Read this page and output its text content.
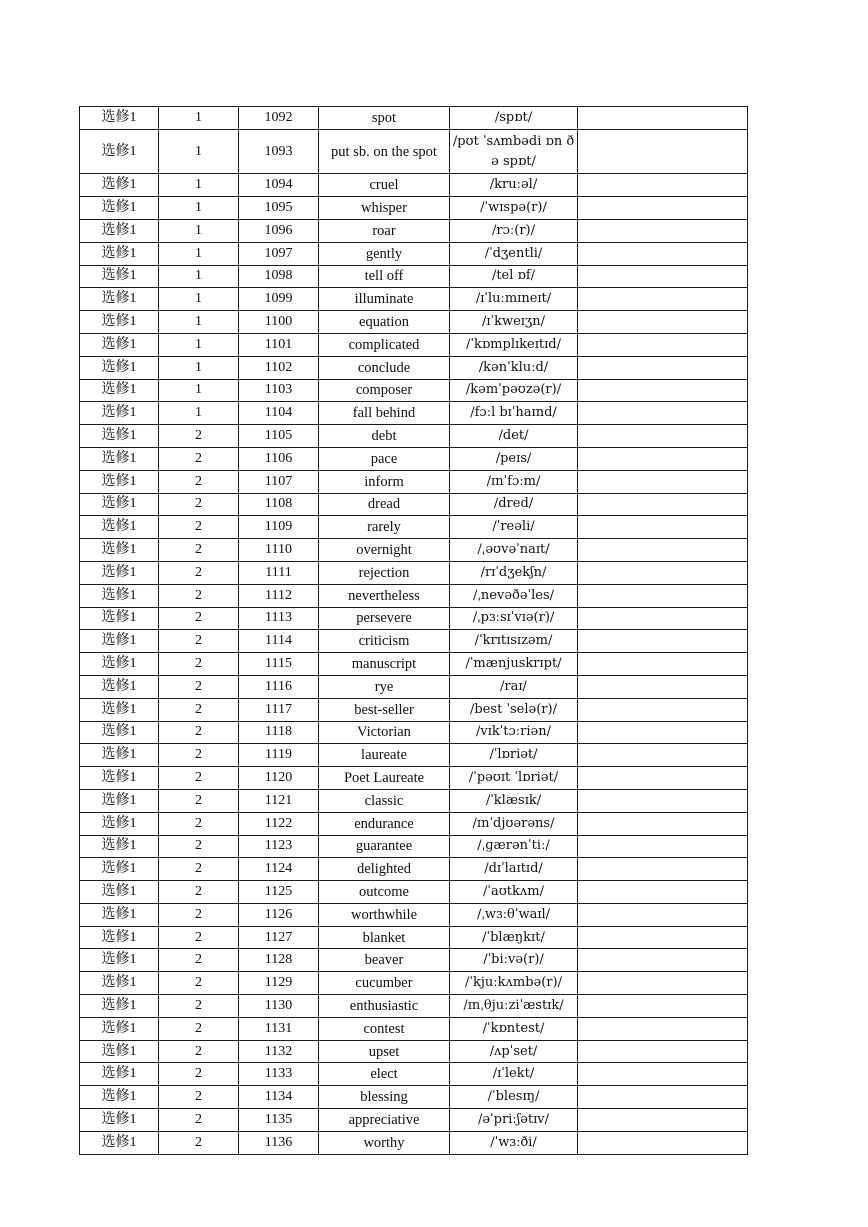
选修1	1	1092	spot	/spɒt/	
选修1	1	1093	put sb. on the spot	/pʊt ˈsʌmbədi ɒn ð ə spɒt/	
选修1	1	1094	cruel	/kruːəl/	
选修1	1	1095	whisper	/ˈwɪspə(r)/	
选修1	1	1096	roar	/rɔː(r)/	
选修1	1	1097	gently	/ˈdʒentli/	
选修1	1	1098	tell off	/tel ɒf/	
选修1	1	1099	illuminate	/ɪˈluːmɪneɪt/	
选修1	1	1100	equation	/ɪˈkweɪʒn/	
选修1	1	1101	complicated	/ˈkɒmplɪkeɪtɪd/	
选修1	1	1102	conclude	/kənˈkluːd/	
选修1	1	1103	composer	/kəmˈpəʊzə(r)/	
选修1	1	1104	fall behind	/fɔːl bɪˈhaɪnd/	
选修1	2	1105	debt	/det/	
选修1	2	1106	pace	/peɪs/	
选修1	2	1107	inform	/ɪnˈfɔːm/	
选修1	2	1108	dread	/dred/	
选修1	2	1109	rarely	/ˈreəli/	
选修1	2	1110	overnight	/ˌəʊvəˈnaɪt/	
选修1	2	1111	rejection	/rɪˈdʒekʃn/	
选修1	2	1112	nevertheless	/ˌnevəðəˈles/	
选修1	2	1113	persevere	/ˌpɜːsɪˈvɪə(r)/	
选修1	2	1114	criticism	/ˈkrɪtɪsɪzəm/	
选修1	2	1115	manuscript	/ˈmænjuskrɪpt/	
选修1	2	1116	rye	/raɪ/	
选修1	2	1117	best-seller	/best ˈselə(r)/	
选修1	2	1118	Victorian	/vɪkˈtɔːriən/	
选修1	2	1119	laureate	/ˈlɒriət/	
选修1	2	1120	Poet Laureate	/ˈpəʊɪt ˈlɒriət/	
选修1	2	1121	classic	/ˈklæsɪk/	
选修1	2	1122	endurance	/ɪnˈdjʊərəns/	
选修1	2	1123	guarantee	/ˌɡærənˈtiː/	
选修1	2	1124	delighted	/dɪˈlaɪtɪd/	
选修1	2	1125	outcome	/ˈaʊtkʌm/	
选修1	2	1126	worthwhile	/ˌwɜːθˈwaɪl/	
选修1	2	1127	blanket	/ˈblæŋkɪt/	
选修1	2	1128	beaver	/ˈbiːvə(r)/	
选修1	2	1129	cucumber	/ˈkjuːkʌmbə(r)/	
选修1	2	1130	enthusiastic	/ɪnˌθjuːziˈæstɪk/	
选修1	2	1131	contest	/ˈkɒntest/	
选修1	2	1132	upset	/ʌpˈset/	
选修1	2	1133	elect	/ɪˈlekt/	
选修1	2	1134	blessing	/ˈblesɪŋ/	
选修1	2	1135	appreciative	/əˈpriːʃətɪv/	
选修1	2	1136	worthy	/ˈwɜːði/	
